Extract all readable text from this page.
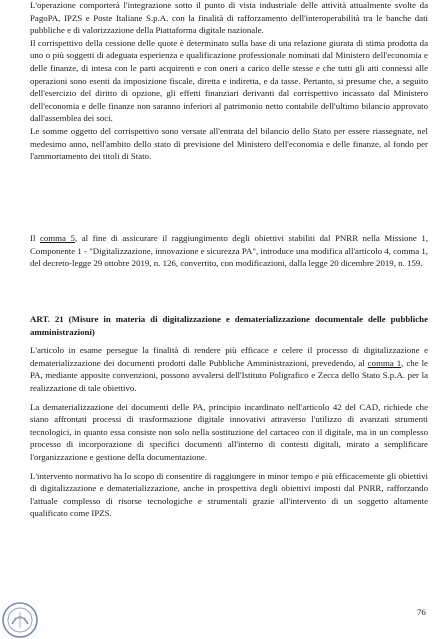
L'operazione comporterà l'integrazione sotto il punto di vista industriale delle attività attualmente svolte da PagoPA, IPZS e Poste Italiane S.p.A. con la finalità di rafforzamento dell'interoperabilità tra le banche dati pubbliche e di valorizzazione della Piattaforma digitale nazionale.

Il corrispettivo della cessione delle quote è determinato sulla base di una relazione giurata di stima prodotta da uno o più soggetti di adeguata esperienza e qualificazione professionale nominati dal Ministero dell'economia e delle finanze, di intesa con le parti acquirenti e con oneri a carico delle stesse e che tutti gli atti connessi alle operazioni sono esenti da imposizione fiscale, diretta e indiretta, e da tasse. Pertanto, si presume che, a seguito dell'esercizio del diritto di opzione, gli effetti finanziari derivanti dal corrispettivo incassato dal Ministero dell'economia e delle finanze non saranno inferiori al patrimonio netto contabile dell'ultimo bilancio approvato dall'assemblea dei soci.

Le somme oggetto del corrispettivo sono versate all'entrata del bilancio dello Stato per essere riassegnate, nel medesimo anno, nell'ambito dello stato di previsione del Ministero dell'economia e delle finanze, al fondo per l'ammortamento dei titoli di Stato.

Il comma 5, al fine di assicurare il raggiungimento degli obiettivi stabiliti dal PNRR nella Missione 1, Componente 1 - "Digitalizzazione, innovazione e sicurezza PA", introduce una modifica all'articolo 4, comma 1, del decreto-legge 29 ottobre 2019, n. 126, convertito, con modificazioni, dalla legge 20 dicembre 2019, n. 159.

ART. 21 (Misure in materia di digitalizzazione e dematerializzazione documentale delle pubbliche amministrazioni)

L'articolo in esame persegue la finalità di rendere più efficace e celere il processo di digitalizzazione e dematerializzazione dei documenti prodotti dalle Pubbliche Amministrazioni, prevedendo, al comma 1, che le PA, mediante apposite convenzioni, possono avvalersi dell'Istituto Poligrafico e Zecca dello Stato S.p.A. per la realizzazione di tale obiettivo.

La dematerializzazione dei documenti delle PA, principio incardinato nell'articolo 42 del CAD, richiede che siano affrontati processi di trasformazione digitale innovativi attraverso l'utilizzo di avanzati strumenti tecnologici, in quanto essa consiste non solo nella sostituzione del cartaceo con il digitale, ma in un complesso processo di incorporazione di specifici documenti all'interno di contesti digitali, mirato a semplificare l'organizzazione e gestione della documentazione.

L'intervento normativo ha lo scopo di consentire di raggiungere in minor tempo e più efficacemente gli obiettivi di digitalizzazione e dematerializzazione, anche in prospettiva degli obiettivi imposti dal PNRR, rafforzando l'attuale complesso di risorse tecnologiche e strumentali grazie all'intervento di un soggetto altamente qualificato come IPZS.

76
